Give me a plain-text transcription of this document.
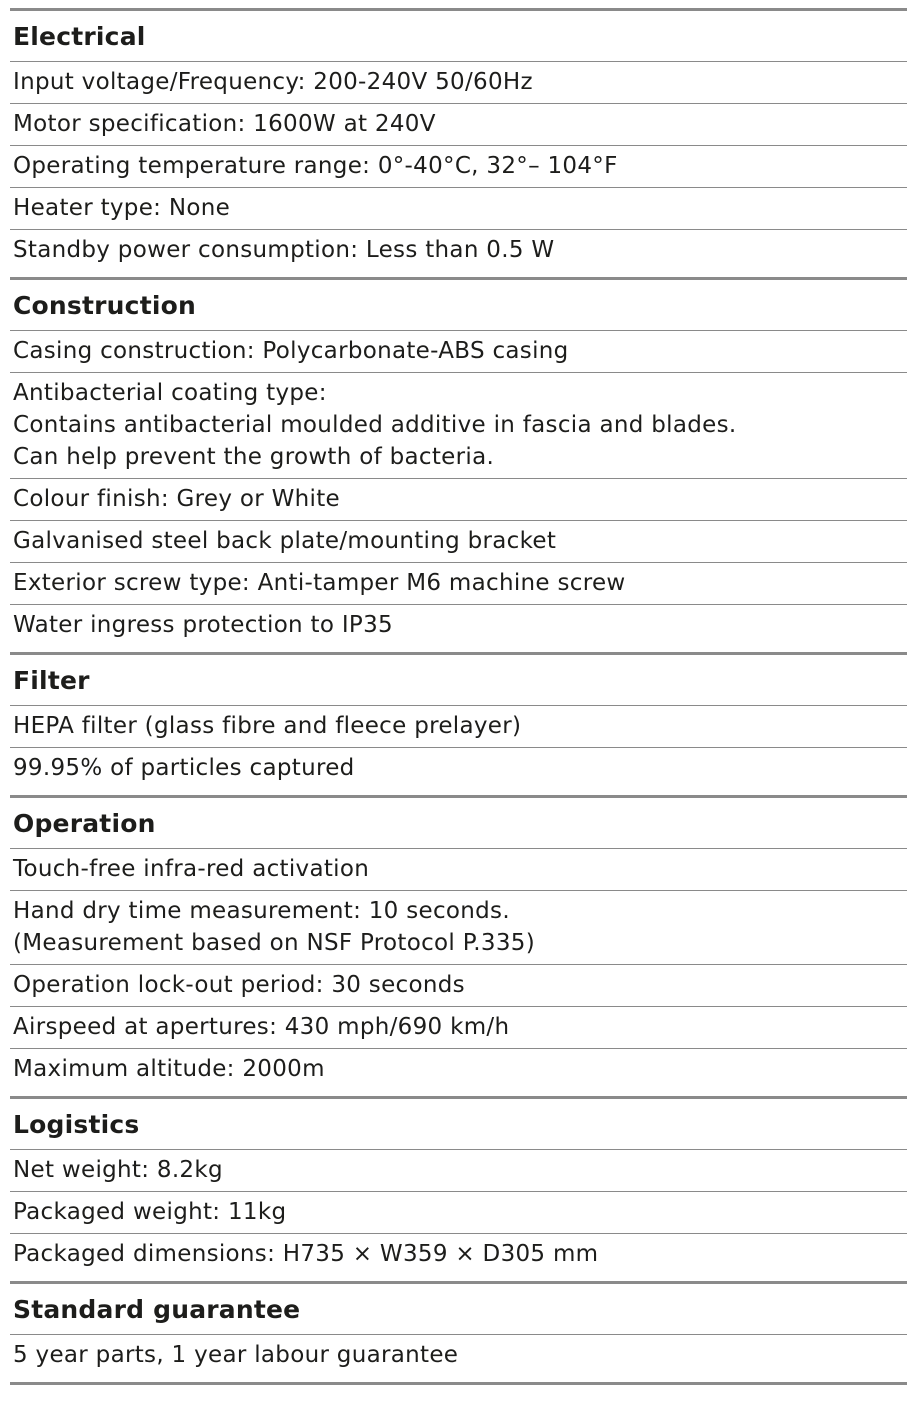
Electrical
Input voltage/Frequency: 200-240V 50/60Hz
Motor specification: 1600W at 240V
Operating temperature range: 0°-40°C, 32°– 104°F
Heater type: None
Standby power consumption: Less than 0.5 W
Construction
Casing construction: Polycarbonate-ABS casing
Antibacterial coating type:
Contains antibacterial moulded additive in fascia and blades.
Can help prevent the growth of bacteria.
Colour finish: Grey or White
Galvanised steel back plate/mounting bracket
Exterior screw type: Anti-tamper M6 machine screw
Water ingress protection to IP35
Filter
HEPA filter (glass fibre and fleece prelayer)
99.95% of particles captured
Operation
Touch-free infra-red activation
Hand dry time measurement: 10 seconds.
(Measurement based on NSF Protocol P.335)
Operation lock-out period: 30 seconds
Airspeed at apertures: 430 mph/690 km/h
Maximum altitude: 2000m
Logistics
Net weight: 8.2kg
Packaged weight: 11kg
Packaged dimensions: H735 × W359 × D305 mm
Standard guarantee
5 year parts, 1 year labour guarantee
